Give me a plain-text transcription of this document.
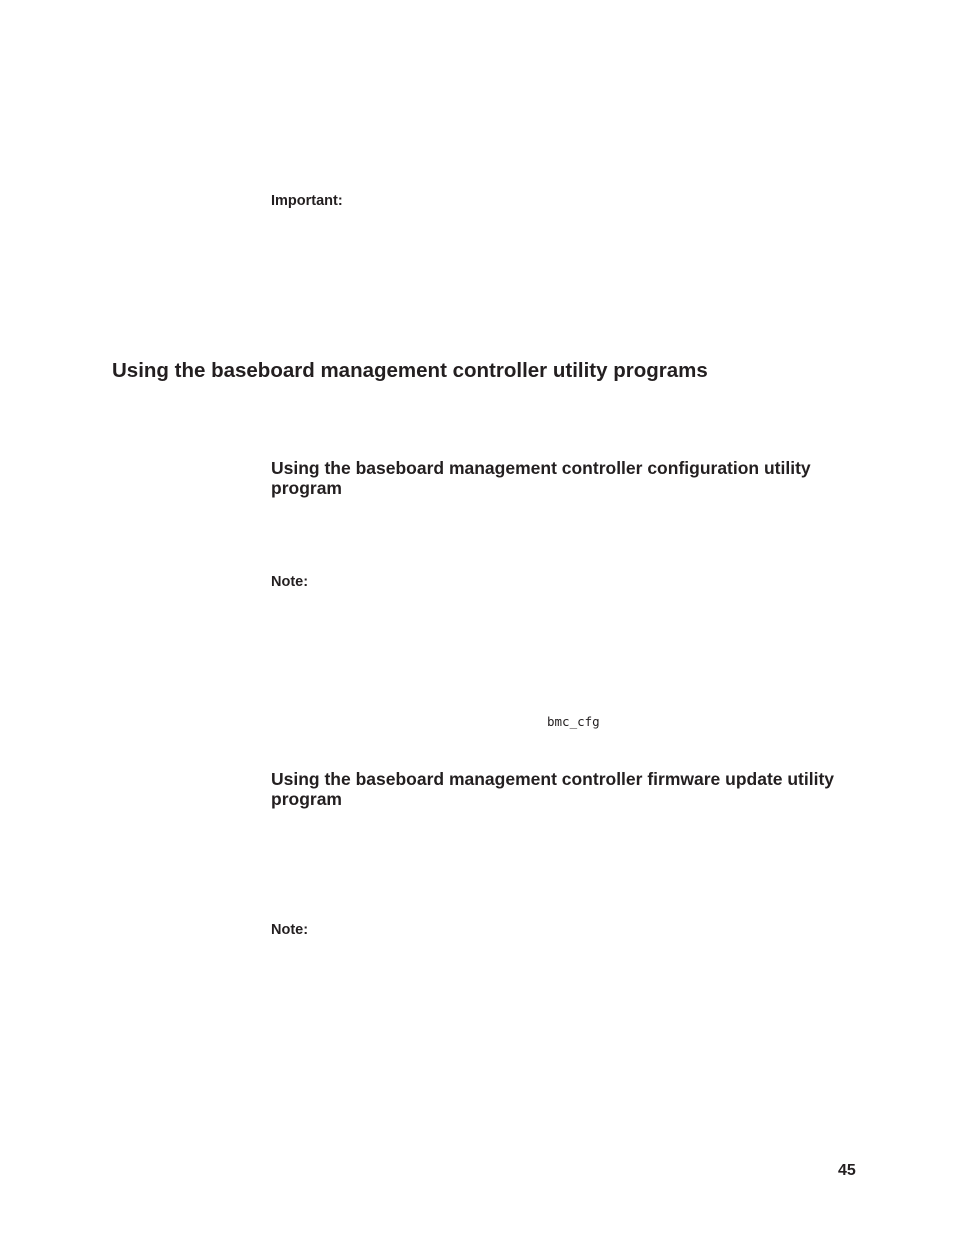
Important:
Using the baseboard management controller utility programs
Using the baseboard management controller configuration utility program
Note:
bmc_cfg
Using the baseboard management controller firmware update utility program
Note:
45
